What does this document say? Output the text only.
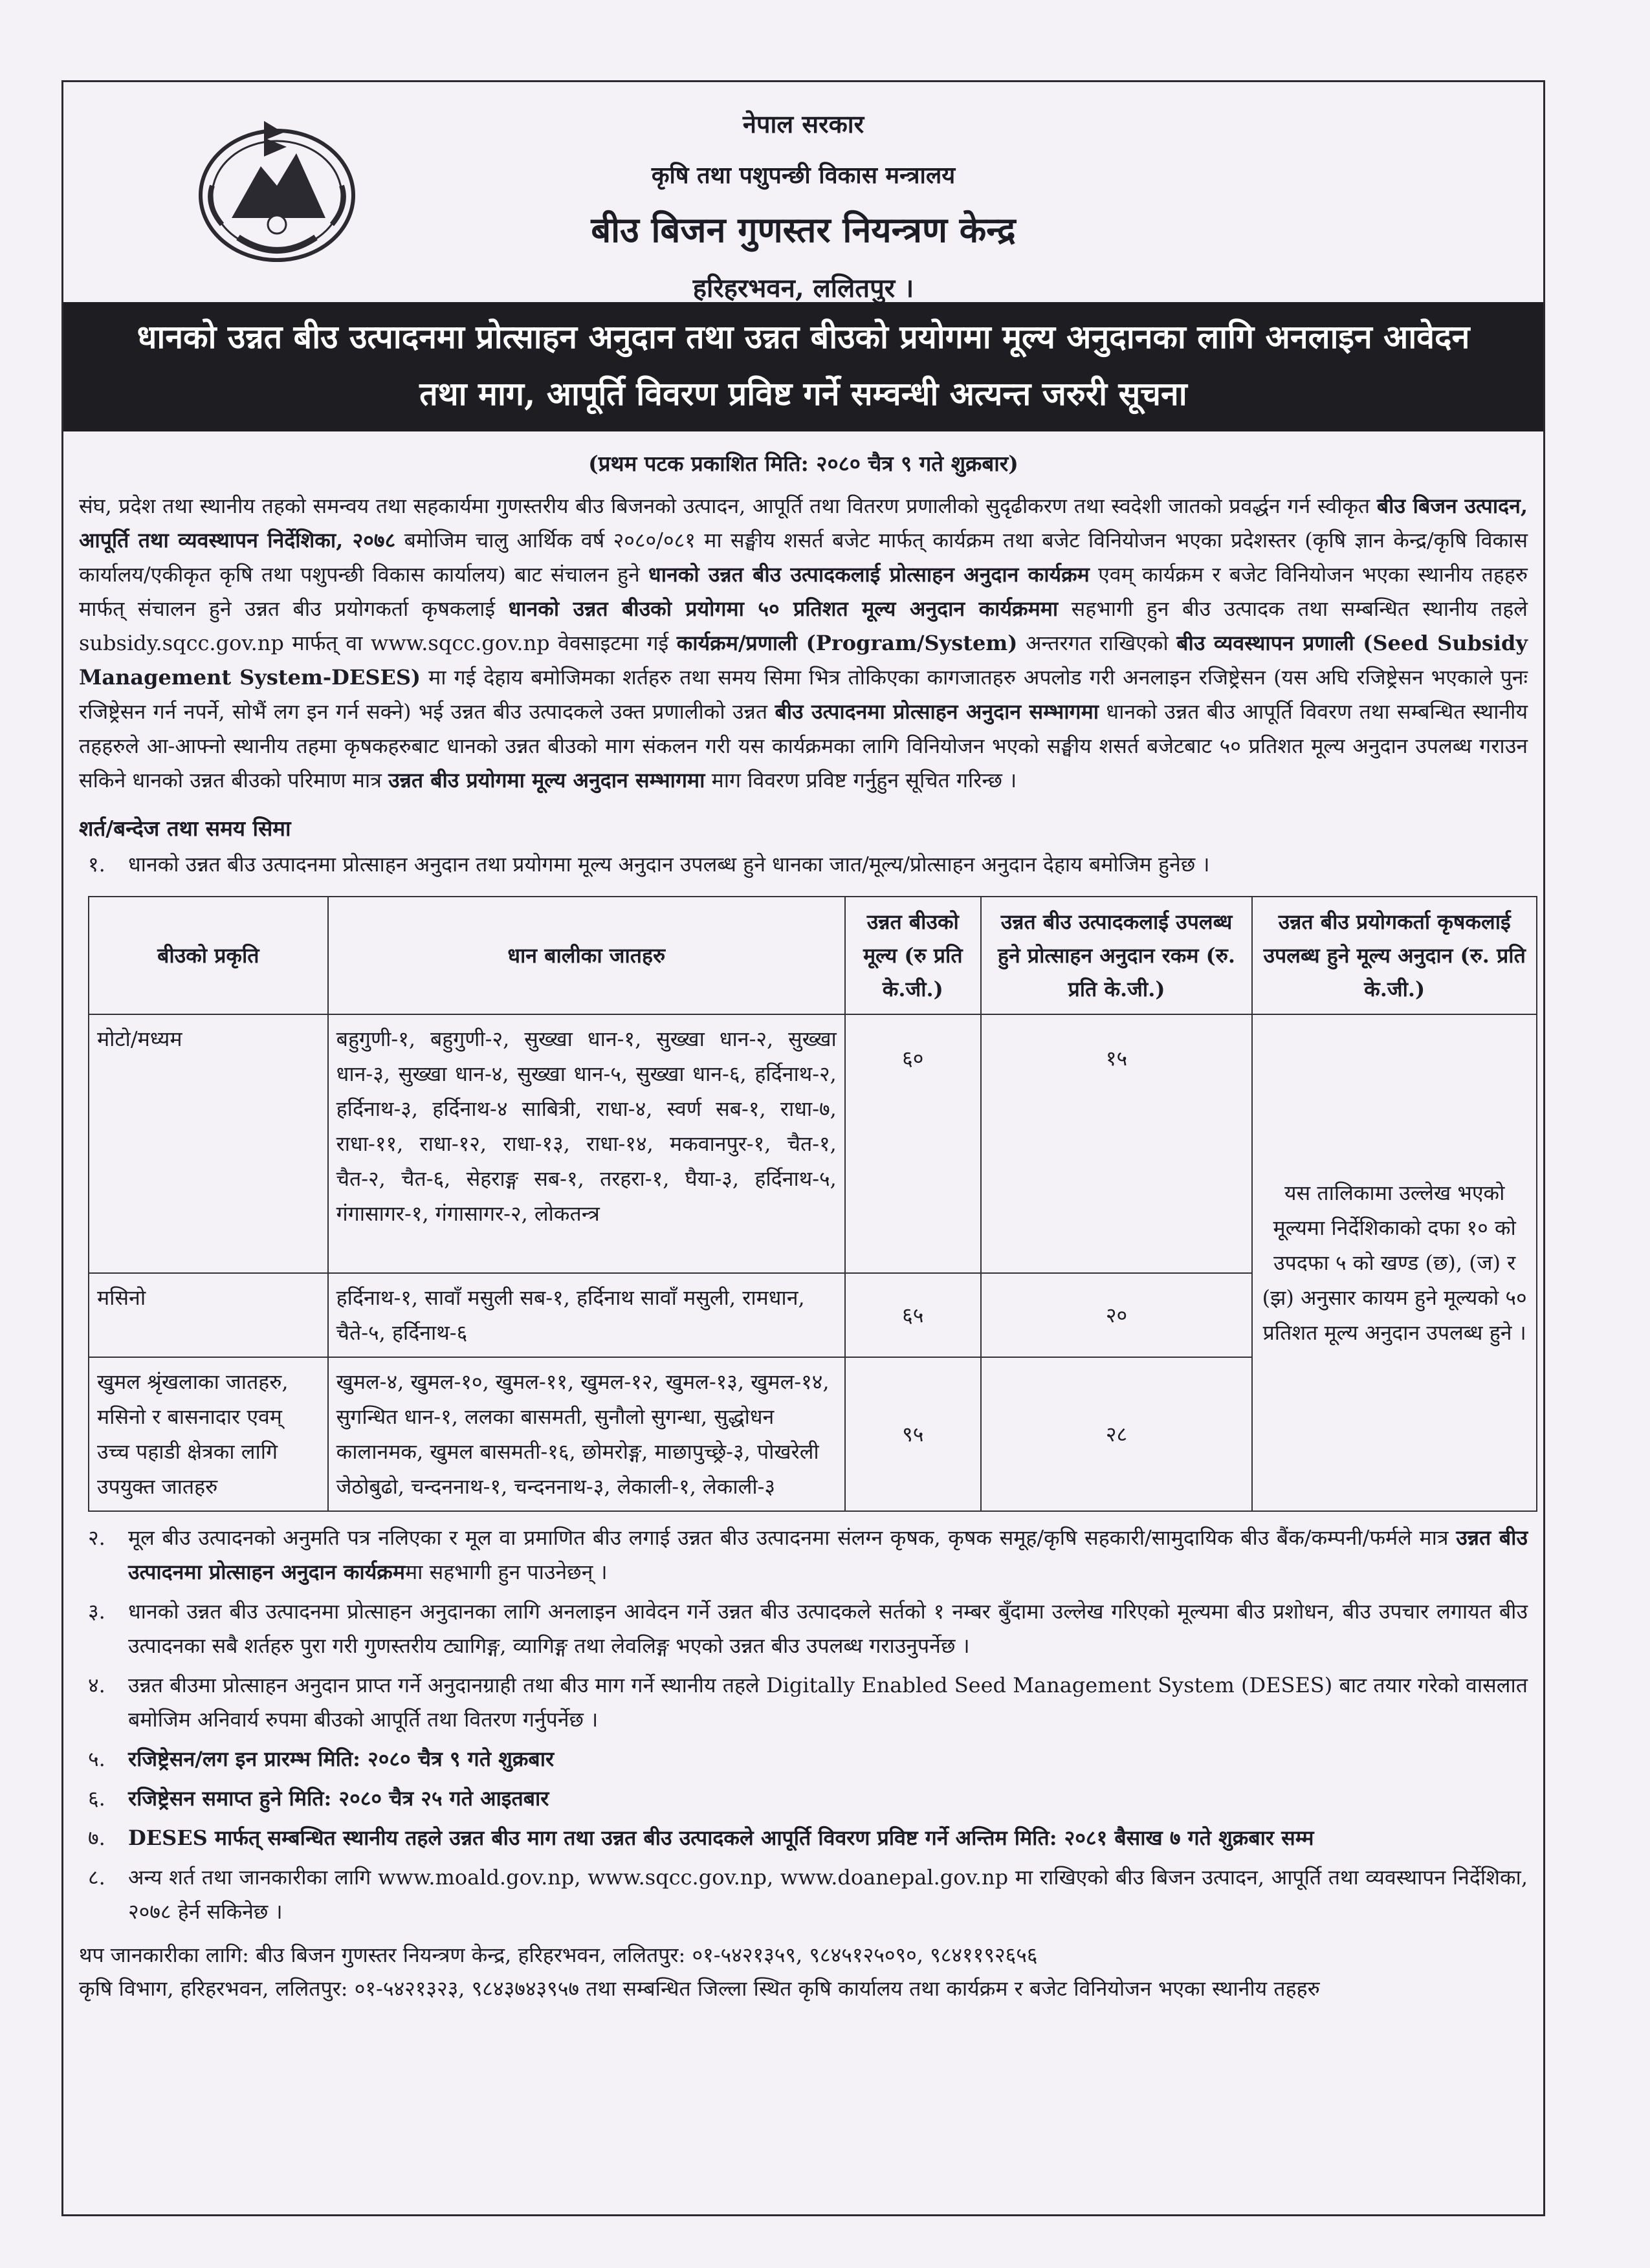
नेपाल सरकार
कृषि तथा पशुपन्छी विकास मन्त्रालय
बीउ बिजन गुणस्तर नियन्त्रण केन्द्र
हरिहरभवन, ललितपुर ।
धानको उन्नत बीउ उत्पादनमा प्रोत्साहन अनुदान तथा उन्नत बीउको प्रयोगमा मूल्य अनुदानका लागि अनलाइन आवेदन
तथा माग, आपूर्ति विवरण प्रविष्ट गर्ने सम्वन्धी अत्यन्त जरुरी सूचना
(प्रथम पटक प्रकाशित मिति: २०८० चैत्र ९ गते शुक्रबार)
संघ, प्रदेश तथा स्थानीय तहको समन्वय तथा सहकार्यमा गुणस्तरीय बीउ बिजनको उत्पादन, आपूर्ति तथा वितरण प्रणालीको सुदृढीकरण तथा स्वदेशी जातको प्रवर्द्धन गर्न स्वीकृत बीउ बिजन उत्पादन, आपूर्ति तथा व्यवस्थापन निर्देशिका, २०७८ बमोजिम चालु आर्थिक वर्ष २०८०/०८१ मा सङ्घीय शसर्त बजेट मार्फत् कार्यक्रम तथा बजेट विनियोजन भएका प्रदेशस्तर (कृषि ज्ञान केन्द्र/कृषि विकास कार्यालय/एकीकृत कृषि तथा पशुपन्छी विकास कार्यालय) बाट संचालन हुने धानको उन्नत बीउ उत्पादकलाई प्रोत्साहन अनुदान कार्यक्रम एवम् कार्यक्रम र बजेट विनियोजन भएका स्थानीय तहहरु मार्फत् संचालन हुने उन्नत बीउ प्रयोगकर्ता कृषकलाई धानको उन्नत बीउको प्रयोगमा ५० प्रतिशत मूल्य अनुदान कार्यक्रममा सहभागी हुन बीउ उत्पादक तथा सम्बन्धित स्थानीय तहले subsidy.sqcc.gov.np मार्फत् वा www.sqcc.gov.np वेवसाइटमा गई कार्यक्रम/प्रणाली (Program/System) अन्तरगत राखिएको बीउ व्यवस्थापन प्रणाली (Seed Subsidy Management System-DESES) मा गई देहाय बमोजिमका शर्तहरु तथा समय सिमा भित्र तोकिएका कागजातहरु अपलोड गरी अनलाइन रजिष्ट्रेसन (यस अघि रजिष्ट्रेसन भएकाले पुनः रजिष्ट्रेसन गर्न नपर्ने, सोभैं लग इन गर्न सक्ने) भई उन्नत बीउ उत्पादकले उक्त प्रणालीको उन्नत बीउ उत्पादनमा प्रोत्साहन अनुदान सम्भागमा धानको उन्नत बीउ आपूर्ति विवरण तथा सम्बन्धित स्थानीय तहहरुले आ-आफ्नो स्थानीय तहमा कृषकहरुबाट धानको उन्नत बीउको माग संकलन गरी यस कार्यक्रमका लागि विनियोजन भएको सङ्घीय शसर्त बजेटबाट ५० प्रतिशत मूल्य अनुदान उपलब्ध गराउन सकिने धानको उन्नत बीउको परिमाण मात्र उन्नत बीउ प्रयोगमा मूल्य अनुदान सम्भागमा माग विवरण प्रविष्ट गर्नुहुन सूचित गरिन्छ ।
शर्त/बन्देज तथा समय सिमा
१.	धानको उन्नत बीउ उत्पादनमा प्रोत्साहन अनुदान तथा प्रयोगमा मूल्य अनुदान उपलब्ध हुने धानका जात/मूल्य/प्रोत्साहन अनुदान देहाय बमोजिम हुनेछ ।
बीउको प्रकृति	धान बालीका जातहरु	उन्नत बीउको मूल्य (रु प्रति के.जी.)	उन्नत बीउ उत्पादकलाई उपलब्ध हुने प्रोत्साहन अनुदान रकम (रु. प्रति के.जी.)	उन्नत बीउ प्रयोगकर्ता कृषकलाई उपलब्ध हुने मूल्य अनुदान (रु. प्रति के.जी.)
मोटो/मध्यम	बहुगुणी-१, बहुगुणी-२, सुख्खा धान-१, सुख्खा धान-२, सुख्खा धान-३, सुख्खा धान-४, सुख्खा धान-५, सुख्खा धान-६, हर्दिनाथ-२, हर्दिनाथ-३, हर्दिनाथ-४ साबित्री, राधा-४, स्वर्ण सब-१, राधा-७, राधा-११, राधा-१२, राधा-१३, राधा-१४, मकवानपुर-१, चैत-१, चैत-२, चैत-६, सेहराङ्ग सब-१, तरहरा-१, घैया-३, हर्दिनाथ-५, गंगासागर-१, गंगासागर-२, लोकतन्त्र	६०	१५	यस तालिकामा उल्लेख भएको मूल्यमा निर्देशिकाको दफा १० को उपदफा ५ को खण्ड (छ), (ज) र (झ) अनुसार कायम हुने मूल्यको ५० प्रतिशत मूल्य अनुदान उपलब्ध हुने ।
मसिनो	हर्दिनाथ-१, सावाँ मसुली सब-१, हर्दिनाथ सावाँ मसुली, रामधान, चैते-५, हर्दिनाथ-६	६५	२०	
खुमल श्रृंखलाका जातहरु, मसिनो र बासनादार एवम् उच्च पहाडी क्षेत्रका लागि उपयुक्त जातहरु	खुमल-४, खुमल-१०, खुमल-११, खुमल-१२, खुमल-१३, खुमल-१४, सुगन्धित धान-१, ललका बासमती, सुनौलो सुगन्धा, सुद्धोधन कालानमक, खुमल बासमती-१६, छोमरोङ्ग, माछापुच्छ्रे-३, पोखरेली जेठोबुढो, चन्दननाथ-१, चन्दननाथ-३, लेकाली-१, लेकाली-३	९५	२८	
२.	मूल बीउ उत्पादनको अनुमति पत्र नलिएका र मूल वा प्रमाणित बीउ लगाई उन्नत बीउ उत्पादनमा संलग्न कृषक, कृषक समूह/कृषि सहकारी/सामुदायिक बीउ बैंक/कम्पनी/फर्मले मात्र उन्नत बीउ उत्पादनमा प्रोत्साहन अनुदान कार्यक्रममा सहभागी हुन पाउनेछन् ।
३.	धानको उन्नत बीउ उत्पादनमा प्रोत्साहन अनुदानका लागि अनलाइन आवेदन गर्ने उन्नत बीउ उत्पादकले सर्तको १ नम्बर बुँदामा उल्लेख गरिएको मूल्यमा बीउ प्रशोधन, बीउ उपचार लगायत बीउ उत्पादनका सबै शर्तहरु पुरा गरी गुणस्तरीय ट्यागिङ्ग, व्यागिङ्ग तथा लेवलिङ्ग भएको उन्नत बीउ उपलब्ध गराउनुपर्नेछ ।
४.	उन्नत बीउमा प्रोत्साहन अनुदान प्राप्त गर्ने अनुदानग्राही तथा बीउ माग गर्ने स्थानीय तहले Digitally Enabled Seed Management System (DESES) बाट तयार गरेको वासलात बमोजिम अनिवार्य रुपमा बीउको आपूर्ति तथा वितरण गर्नुपर्नेछ ।
५.	रजिष्ट्रेसन/लग इन प्रारम्भ मिति: २०८० चैत्र ९ गते शुक्रबार
६.	रजिष्ट्रेसन समाप्त हुने मिति: २०८० चैत्र २५ गते आइतबार
७.	DESES मार्फत् सम्बन्धित स्थानीय तहले उन्नत बीउ माग तथा उन्नत बीउ उत्पादकले आपूर्ति विवरण प्रविष्ट गर्ने अन्तिम मिति: २०८१ बैसाख ७ गते शुक्रबार सम्म
८.	अन्य शर्त तथा जानकारीका लागि www.moald.gov.np, www.sqcc.gov.np, www.doanepal.gov.np मा राखिएको बीउ बिजन उत्पादन, आपूर्ति तथा व्यवस्थापन निर्देशिका, २०७८ हेर्न सकिनेछ ।
थप जानकारीका लागि: बीउ बिजन गुणस्तर नियन्त्रण केन्द्र, हरिहरभवन, ललितपुर: ०१-५४२१३५९, ९८४५१२५०९०, ९८४११९२६५६
कृषि विभाग, हरिहरभवन, ललितपुर: ०१-५४२१३२३, ९८४३७४३९५७ तथा सम्बन्धित जिल्ला स्थित कृषि कार्यालय तथा कार्यक्रम र बजेट विनियोजन भएका स्थानीय तहहरु
